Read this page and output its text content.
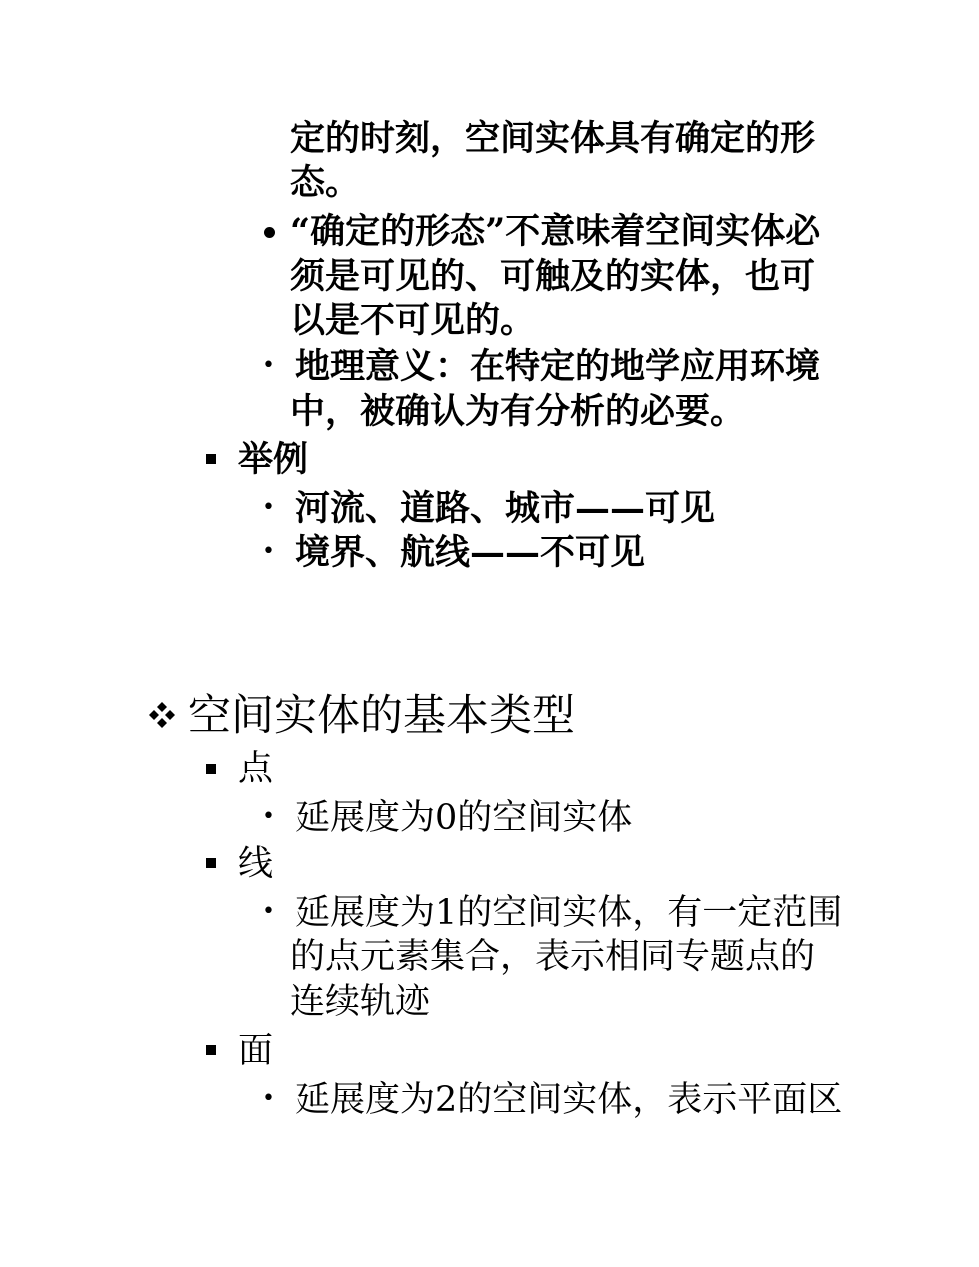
定的时刻，空间实体具有确定的形
态。
“确定的形态”不意味着空间实体必
须是可见的、可触及的实体，也可
以是不可见的。
• 地理意义：在特定的地学应用环境
中，被确认为有分析的必要。
举例
• 河流、道路、城市——可见
• 境界、航线——不可见
空间实体的基本类型
点
• 延展度为0的空间实体
线
• 延展度为1的空间实体，有一定范围
的点元素集合，表示相同专题点的
连续轨迹
面
• 延展度为2的空间实体，表示平面区
